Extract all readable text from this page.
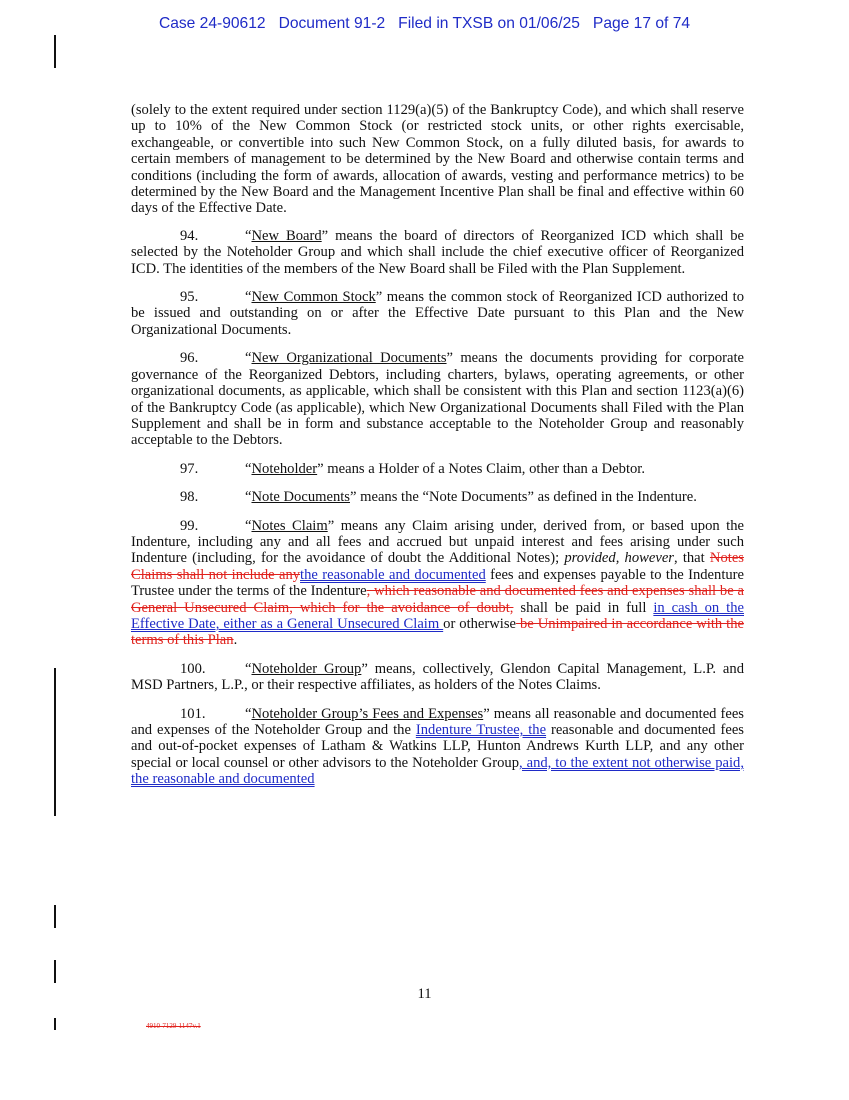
Case 24-90612   Document 91-2   Filed in TXSB on 01/06/25   Page 17 of 74

(solely to the extent required under section 1129(a)(5) of the Bankruptcy Code), and which shall reserve up to 10% of the New Common Stock (or restricted stock units, or other rights exercisable, exchangeable, or convertible into such New Common Stock, on a fully diluted basis, for awards to certain members of management to be determined by the New Board and otherwise contain terms and conditions (including the form of awards, allocation of awards, vesting and performance metrics) to be determined by the New Board and the Management Incentive Plan shall be final and effective within 60 days of the Effective Date.

94.	“New Board” means the board of directors of Reorganized ICD which shall be selected by the Noteholder Group and which shall include the chief executive officer of Reorganized ICD. The identities of the members of the New Board shall be Filed with the Plan Supplement.

95.	“New Common Stock” means the common stock of Reorganized ICD authorized to be issued and outstanding on or after the Effective Date pursuant to this Plan and the New Organizational Documents.

96.	“New Organizational Documents” means the documents providing for corporate governance of the Reorganized Debtors, including charters, bylaws, operating agreements, or other organizational documents, as applicable, which shall be consistent with this Plan and section 1123(a)(6) of the Bankruptcy Code (as applicable), which New Organizational Documents shall Filed with the Plan Supplement and shall be in form and substance acceptable to the Noteholder Group and reasonably acceptable to the Debtors.

97.	“Noteholder” means a Holder of a Notes Claim, other than a Debtor.

98.	“Note Documents” means the “Note Documents” as defined in the Indenture.

99.	“Notes Claim” means any Claim arising under, derived from, or based upon the Indenture, including any and all fees and accrued but unpaid interest and fees arising under such Indenture (including, for the avoidance of doubt the Additional Notes); provided, however, that Notes Claims shall not include anythe reasonable and documented fees and expenses payable to the Indenture Trustee under the terms of the Indenture, which reasonable and documented fees and expenses shall be a General Unsecured Claim, which for the avoidance of doubt, shall be paid in full in cash on the Effective Date, either as a General Unsecured Claim or otherwise be Unimpaired in accordance with the terms of this Plan.

100.	“Noteholder Group” means, collectively, Glendon Capital Management, L.P. and MSD Partners, L.P., or their respective affiliates, as holders of the Notes Claims.

101.	“Noteholder Group’s Fees and Expenses” means all reasonable and documented fees and expenses of the Noteholder Group and the Indenture Trustee, the reasonable and documented fees and out-of-pocket expenses of Latham & Watkins LLP, Hunton Andrews Kurth LLP, and any other special or local counsel or other advisors to the Noteholder Group, and, to the extent not otherwise paid, the reasonable and documented

11
4910-7129-1147v.1
